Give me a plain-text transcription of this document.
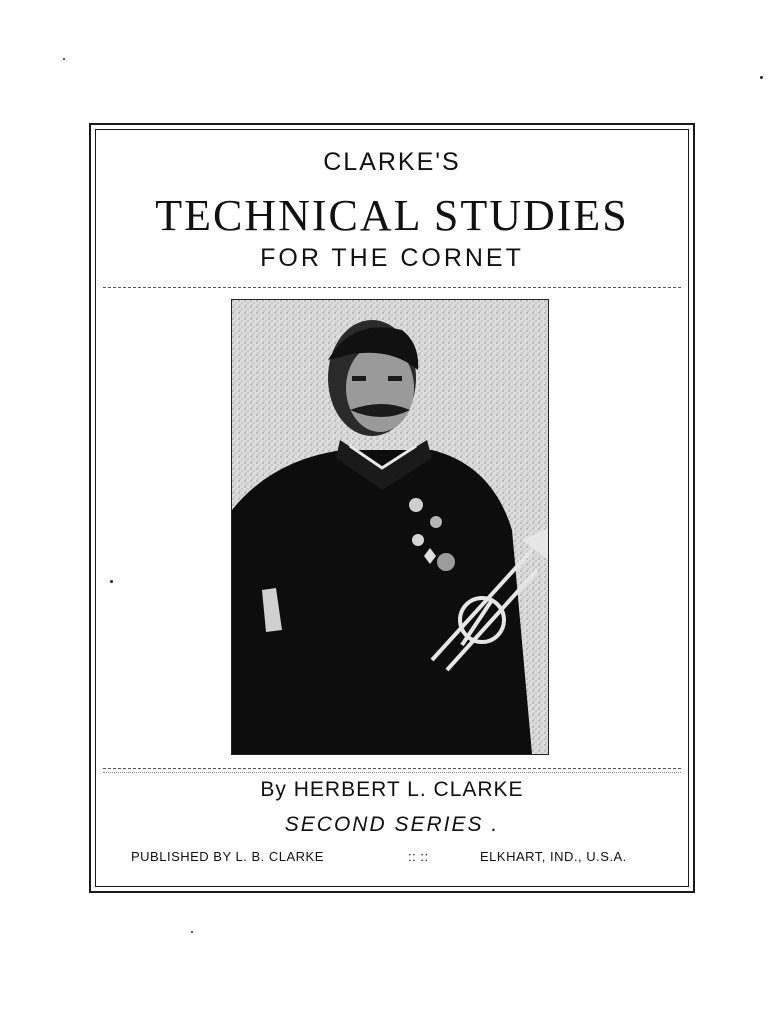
CLARKE'S
TECHNICAL STUDIES
FOR THE CORNET
By HERBERT L. CLARKE
SECOND SERIES .
PUBLISHED BY L. B. CLARKE	:: ::	ELKHART, IND., U.S.A.
